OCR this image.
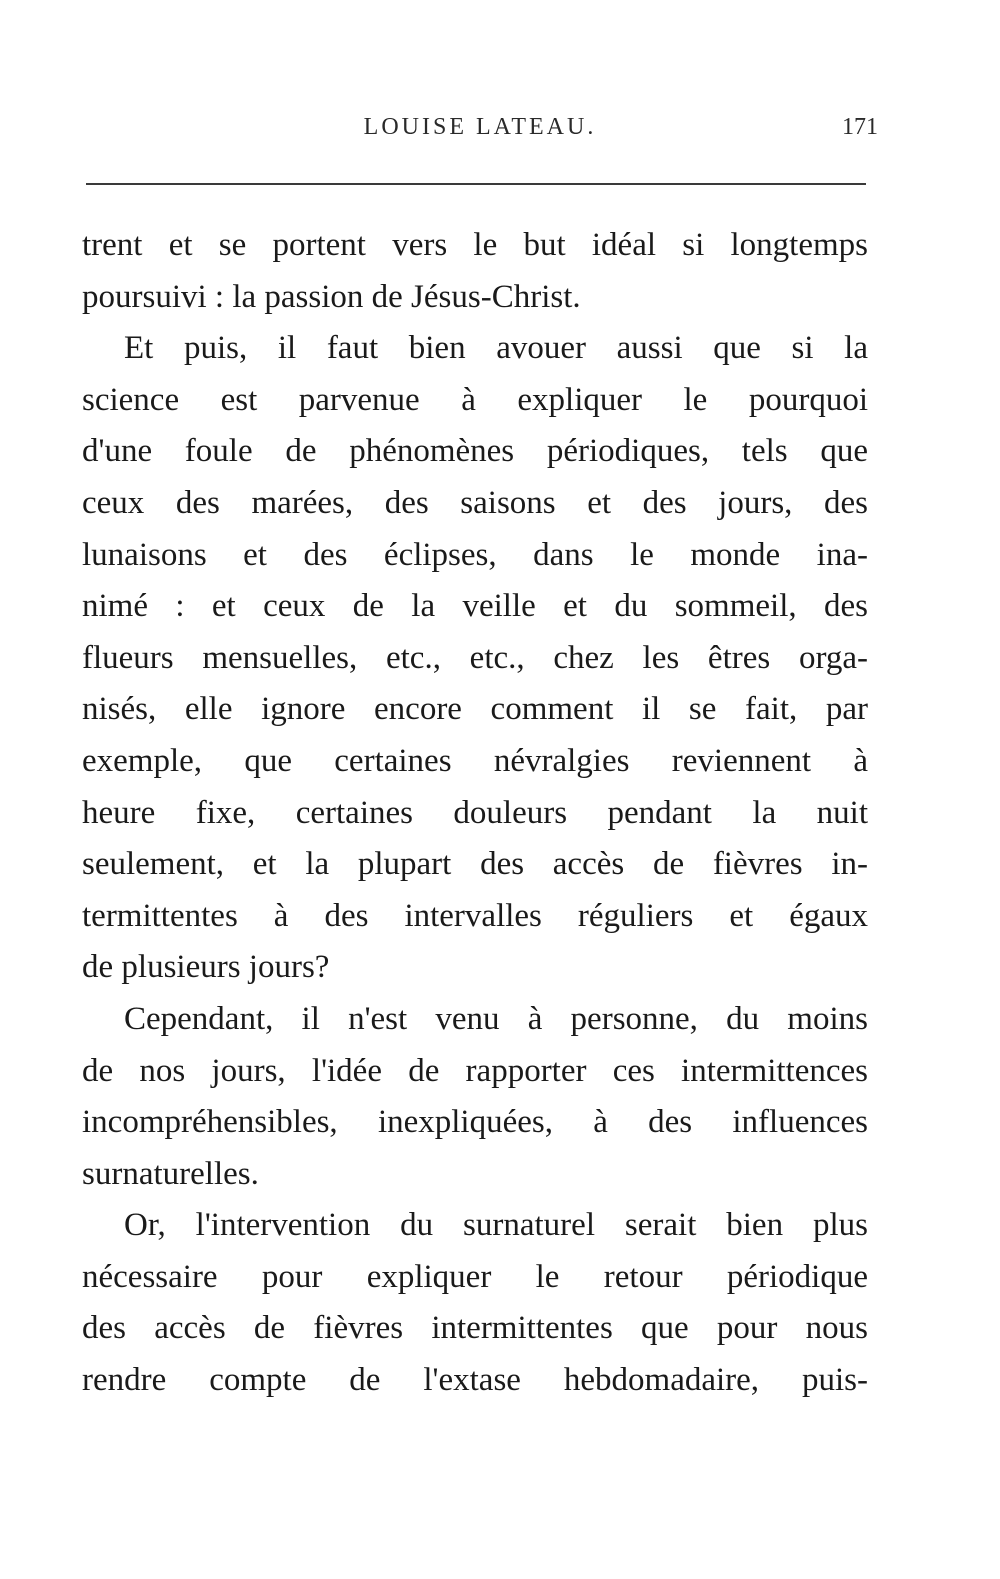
LOUISE LATEAU.	171
trent et se portent vers le but idéal si longtemps
poursuivi : la passion de Jésus-Christ.
Et puis, il faut bien avouer aussi que si la
science est parvenue à expliquer le pourquoi
d'une foule de phénomènes périodiques, tels que
ceux des marées, des saisons et des jours, des
lunaisons et des éclipses, dans le monde ina-
nimé : et ceux de la veille et du sommeil, des
flueurs mensuelles, etc., etc., chez les êtres orga-
nisés, elle ignore encore comment il se fait, par
exemple, que certaines névralgies reviennent à
heure fixe, certaines douleurs pendant la nuit
seulement, et la plupart des accès de fièvres in-
termittentes à des intervalles réguliers et égaux
de plusieurs jours?
Cependant, il n'est venu à personne, du moins
de nos jours, l'idée de rapporter ces intermittences
incompréhensibles, inexpliquées, à des influences
surnaturelles.
Or, l'intervention du surnaturel serait bien plus
nécessaire pour expliquer le retour périodique
des accès de fièvres intermittentes que pour nous
rendre compte de l'extase hebdomadaire, puis-
